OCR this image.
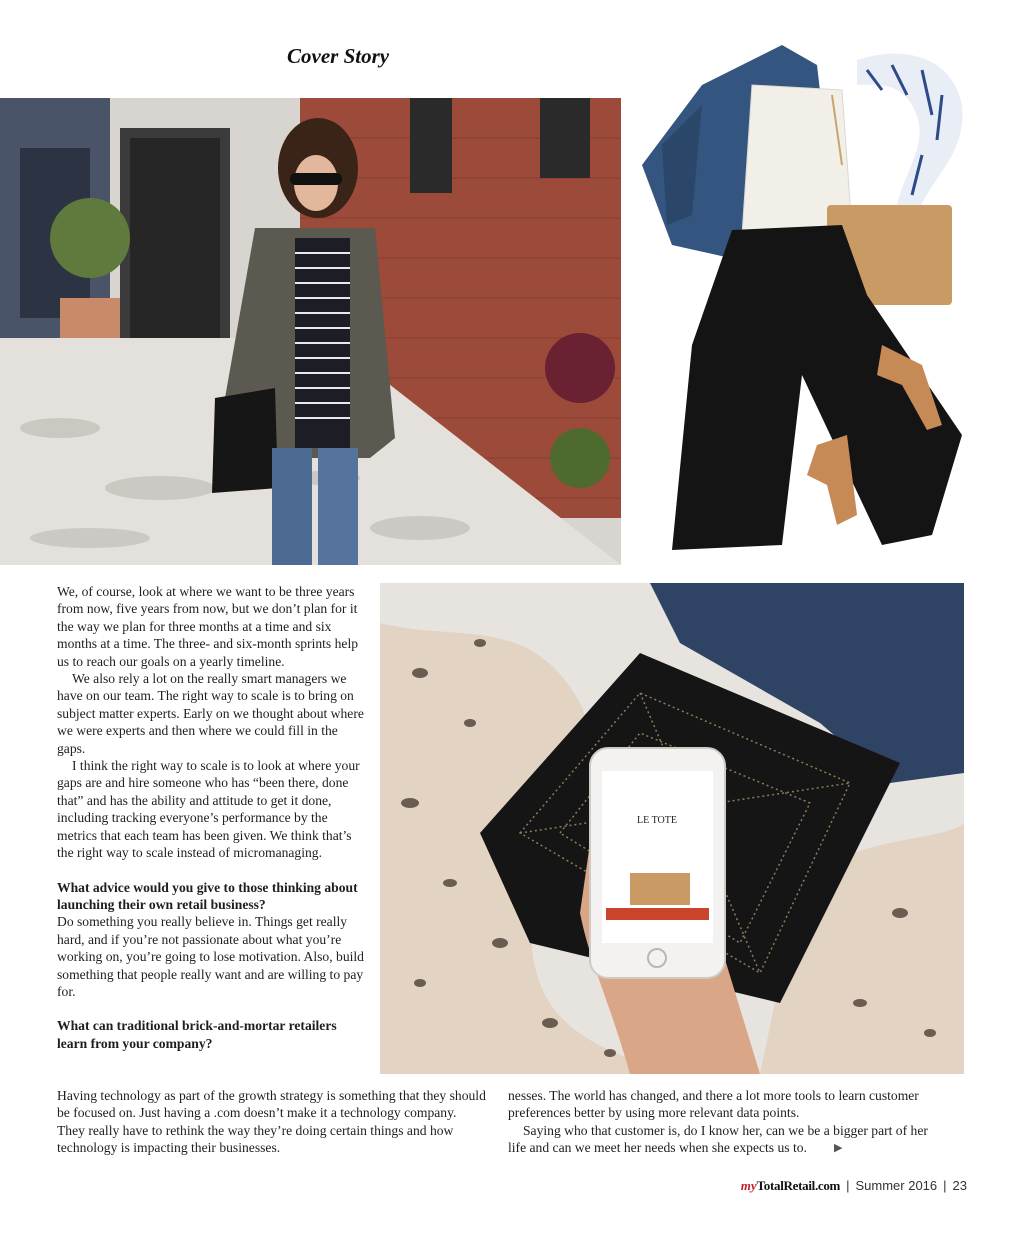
Cover Story
LE TOTE

We, of course, look at where we want to be three years from now, five years from now, but we don’t plan for it the way we plan for three months at a time and six months at a time. The three- and six-month sprints help us to reach our goals on a yearly timeline.

We also rely a lot on the really smart managers we have on our team. The right way to scale is to bring on subject matter experts. Early on we thought about where we were experts and then where we could fill in the gaps.

I think the right way to scale is to look at where your gaps are and hire someone who has “been there, done that” and has the ability and attitude to get it done, including tracking everyone’s performance by the metrics that each team has been given. We think that’s the right way to scale instead of micromanaging.

What advice would you give to those thinking about launching their own retail business?

Do something you really believe in. Things get really hard, and if you’re not passionate about what you’re working on, you’re going to lose motivation. Also, build something that people really want and are willing to pay for.

What can traditional brick-and-mortar retailers learn from your company?

Having technology as part of the growth strategy is something that they should be focused on. Just having a .com doesn’t make it a technology company. They really have to rethink the way they’re doing certain things and how technology is impacting their businesses.

nesses. The world has changed, and there a lot more tools to learn customer preferences better by using more relevant data points.

Saying who that customer is, do I know her, can we be a bigger part of her life and can we meet her needs when she expects us to. ▶

myTotalRetail.com | Summer 2016 | 23
